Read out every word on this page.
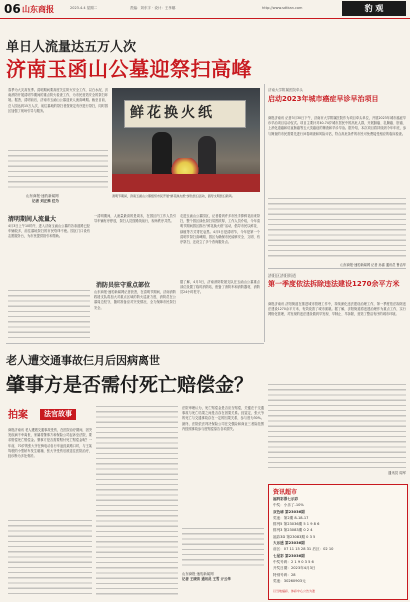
06 山东商报	2023.4.4 星期二	责编：刘东宇 · 设计：王孝娜	http://www.sdtkan.com	豹 观
单日人流量达五万人次
济南玉函山公墓迎祭扫高峰
春季为大灾高发季。清明期间要高度关注防火安全工作，以白水泥，济南消防开展清明节期间的重点防火检查工作，为市民营造安全的祭扫环境。据悉，清明前后，济南市玉函山公墓迎来人流高峰期。截至目前，总入园达到15万人次，前往墓地的祭扫者按规定有序进行祭扫，同时园区加强了现场引导与服务。
山东商报·速豹新闻网
记者 刘正维 任为
鲜花换火纸
清明节期间，济南玉函山公墓组织市民开展"鲜花换火纸"绿色祭扫活动，倡导文明祭扫新风。
清明期间人流量大
4月3日上午10时许，进入济南玉函山公墓的各条道路已经车辆较多，前往墓地祭扫的市民络绎不绝。园区门口设有志愿服务台，为市民提供指引和帮助。
一清明期间，人流量最高的是周末，在园区内工作人员引导车辆有序停放，祭扫人员按路线前行，现场秩序井然。
消防员驻守重点部位
山东商报·速豹新闻网记者获悉，在清明节期间，济南消防救援支队将加大对重点区域的防火巡查力度，消防员在公墓周边驻守，随时准备应对突发情况，全力保障市民祭扫安全。
走进玉函山公墓园区，记者看到许多市民手捧鲜花前来祭扫，整个园区绿色祭扫氛围浓厚，工作人员介绍，今年清明节期间园区推出“鲜花换火纸”活动，倡导市民以鲜花、绿植等方式寄托哀思。4月5日是清明节，今年是第一个清明节祭扫高峰期，园区为确保市民能够安全、文明、有序祭扫，还设立了多个咨询服务点。
据了解，4月3日，济南消防救援支队在玉函山公墓重点部位设置了临时消防站，配备了消防车和消防器材，消防员24小时驻守。
济南大学附属医院牵头
启动2023年城市癌症早诊早治项目
商报济南讯 记者3月30日下午，济南市大学附属医院作为项目牵头单位，开展2023年城市癌症早诊早治项目启动仪式。项目主要针对40-74岁城市居民中的高危人群，开展肺癌、乳腺癌、肝癌、上消化道癌和结直肠癌等五大类癌症的筛查和早诊早治。据介绍，本次项目将持续到今年年底，参与筛查的市民需要先进行问卷调查和风险评估，符合高危条件的市民可免费接受相应的临床检查。
山东商报·速豹新闻网 记者 孙嘉 通讯员 鲁洁华
济阳区济阳街道
第一季度依法拆除违法建设1270余平方米
商报济南讯 济阳街道在推进城市管理工作中，持续深化违法建设治理工作，第一季度依法拆除违法建设1270余平方米，有效改善了城市面貌。据了解，济阳街道将违建治理作为重点工作，实行网格化管理，对发现的违法建设做到早发现、早制止、早拆除，营造了整洁有序的城市环境。
通讯员 周军
老人遭交通事故仨月后因病离世
肇事方是否需付死亡赔偿金？
拍案	法官故事
商报济南讯 老人遭遇交通事故受伤，在医院治疗期间，因突发疾病不幸离世，家属将肇事方和保险公司起诉至法院，要求赔偿死亡赔偿金。肇事方是否需要赔付死亡赔偿金呢？一年前，70岁的张大爷在骑电动自行车途经某路口时，与王某驾驶的小型轿车发生碰撞，张大爷受伤后被送往医院治疗，经诊断为多处骨折。
法院审理认为，死亡赔偿金是否应当赔偿，关键在于交通事故与死亡结果之间是否存在因果关系。经鉴定，张大爷的死亡与交通事故存在一定的因果关系，参与度为30%。最终，法院依法判决保险公司在交强险和商业三者险范围内按照事故参与度赔偿原告各项损失。
山东商报·速豹新闻网
记者 王晓苗 通讯员 王雪 亓云华
资讯超市
福利彩票七乐彩
中奖：小乐了-10%
双色球 第23036期
奖池：第2期 8-18-17
排列5 第23036期 5 1 9 8 6
排列3 第23083期 0 2 4
福彩3D 第23083期 0 3 5
大乐透 第23036期
前区：07 11 15 28 31 后区：02 10
七星彩 第23036期
中奖号码：2 1 9 0 3 5 6
开奖日期：2023年4月3日
特别号码：28
奖池：30260903元
以当地福彩、体彩中心公告为准
